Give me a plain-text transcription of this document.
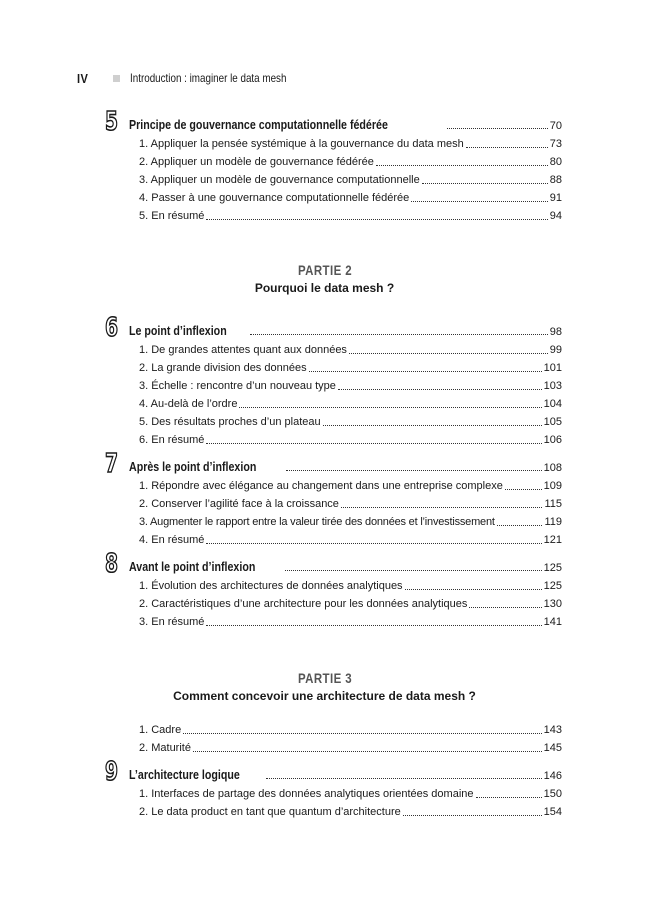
IV	Introduction : imaginer le data mesh
5 Principe de gouvernance computationnelle fédérée	70
1. Appliquer la pensée systémique à la gouvernance du data mesh	73
2. Appliquer un modèle de gouvernance fédérée	80
3. Appliquer un modèle de gouvernance computationnelle	88
4. Passer à une gouvernance computationnelle fédérée	91
5. En résumé	94
PARTIE 2
Pourquoi le data mesh ?
6 Le point d’inflexion	98
1. De grandes attentes quant aux données	99
2. La grande division des données	101
3. Échelle : rencontre d’un nouveau type	103
4. Au-delà de l’ordre	104
5. Des résultats proches d’un plateau	105
6. En résumé	106
7 Après le point d’inflexion	108
1. Répondre avec élégance au changement dans une entreprise complexe	109
2. Conserver l’agilité face à la croissance	115
3. Augmenter le rapport entre la valeur tirée des données et l’investissement	119
4. En résumé	121
8 Avant le point d’inflexion	125
1. Évolution des architectures de données analytiques	125
2. Caractéristiques d’une architecture pour les données analytiques	130
3. En résumé	141
PARTIE 3
Comment concevoir une architecture de data mesh ?
1. Cadre	143
2. Maturité	145
9 L’architecture logique	146
1. Interfaces de partage des données analytiques orientées domaine	150
2. Le data product en tant que quantum d’architecture	154
